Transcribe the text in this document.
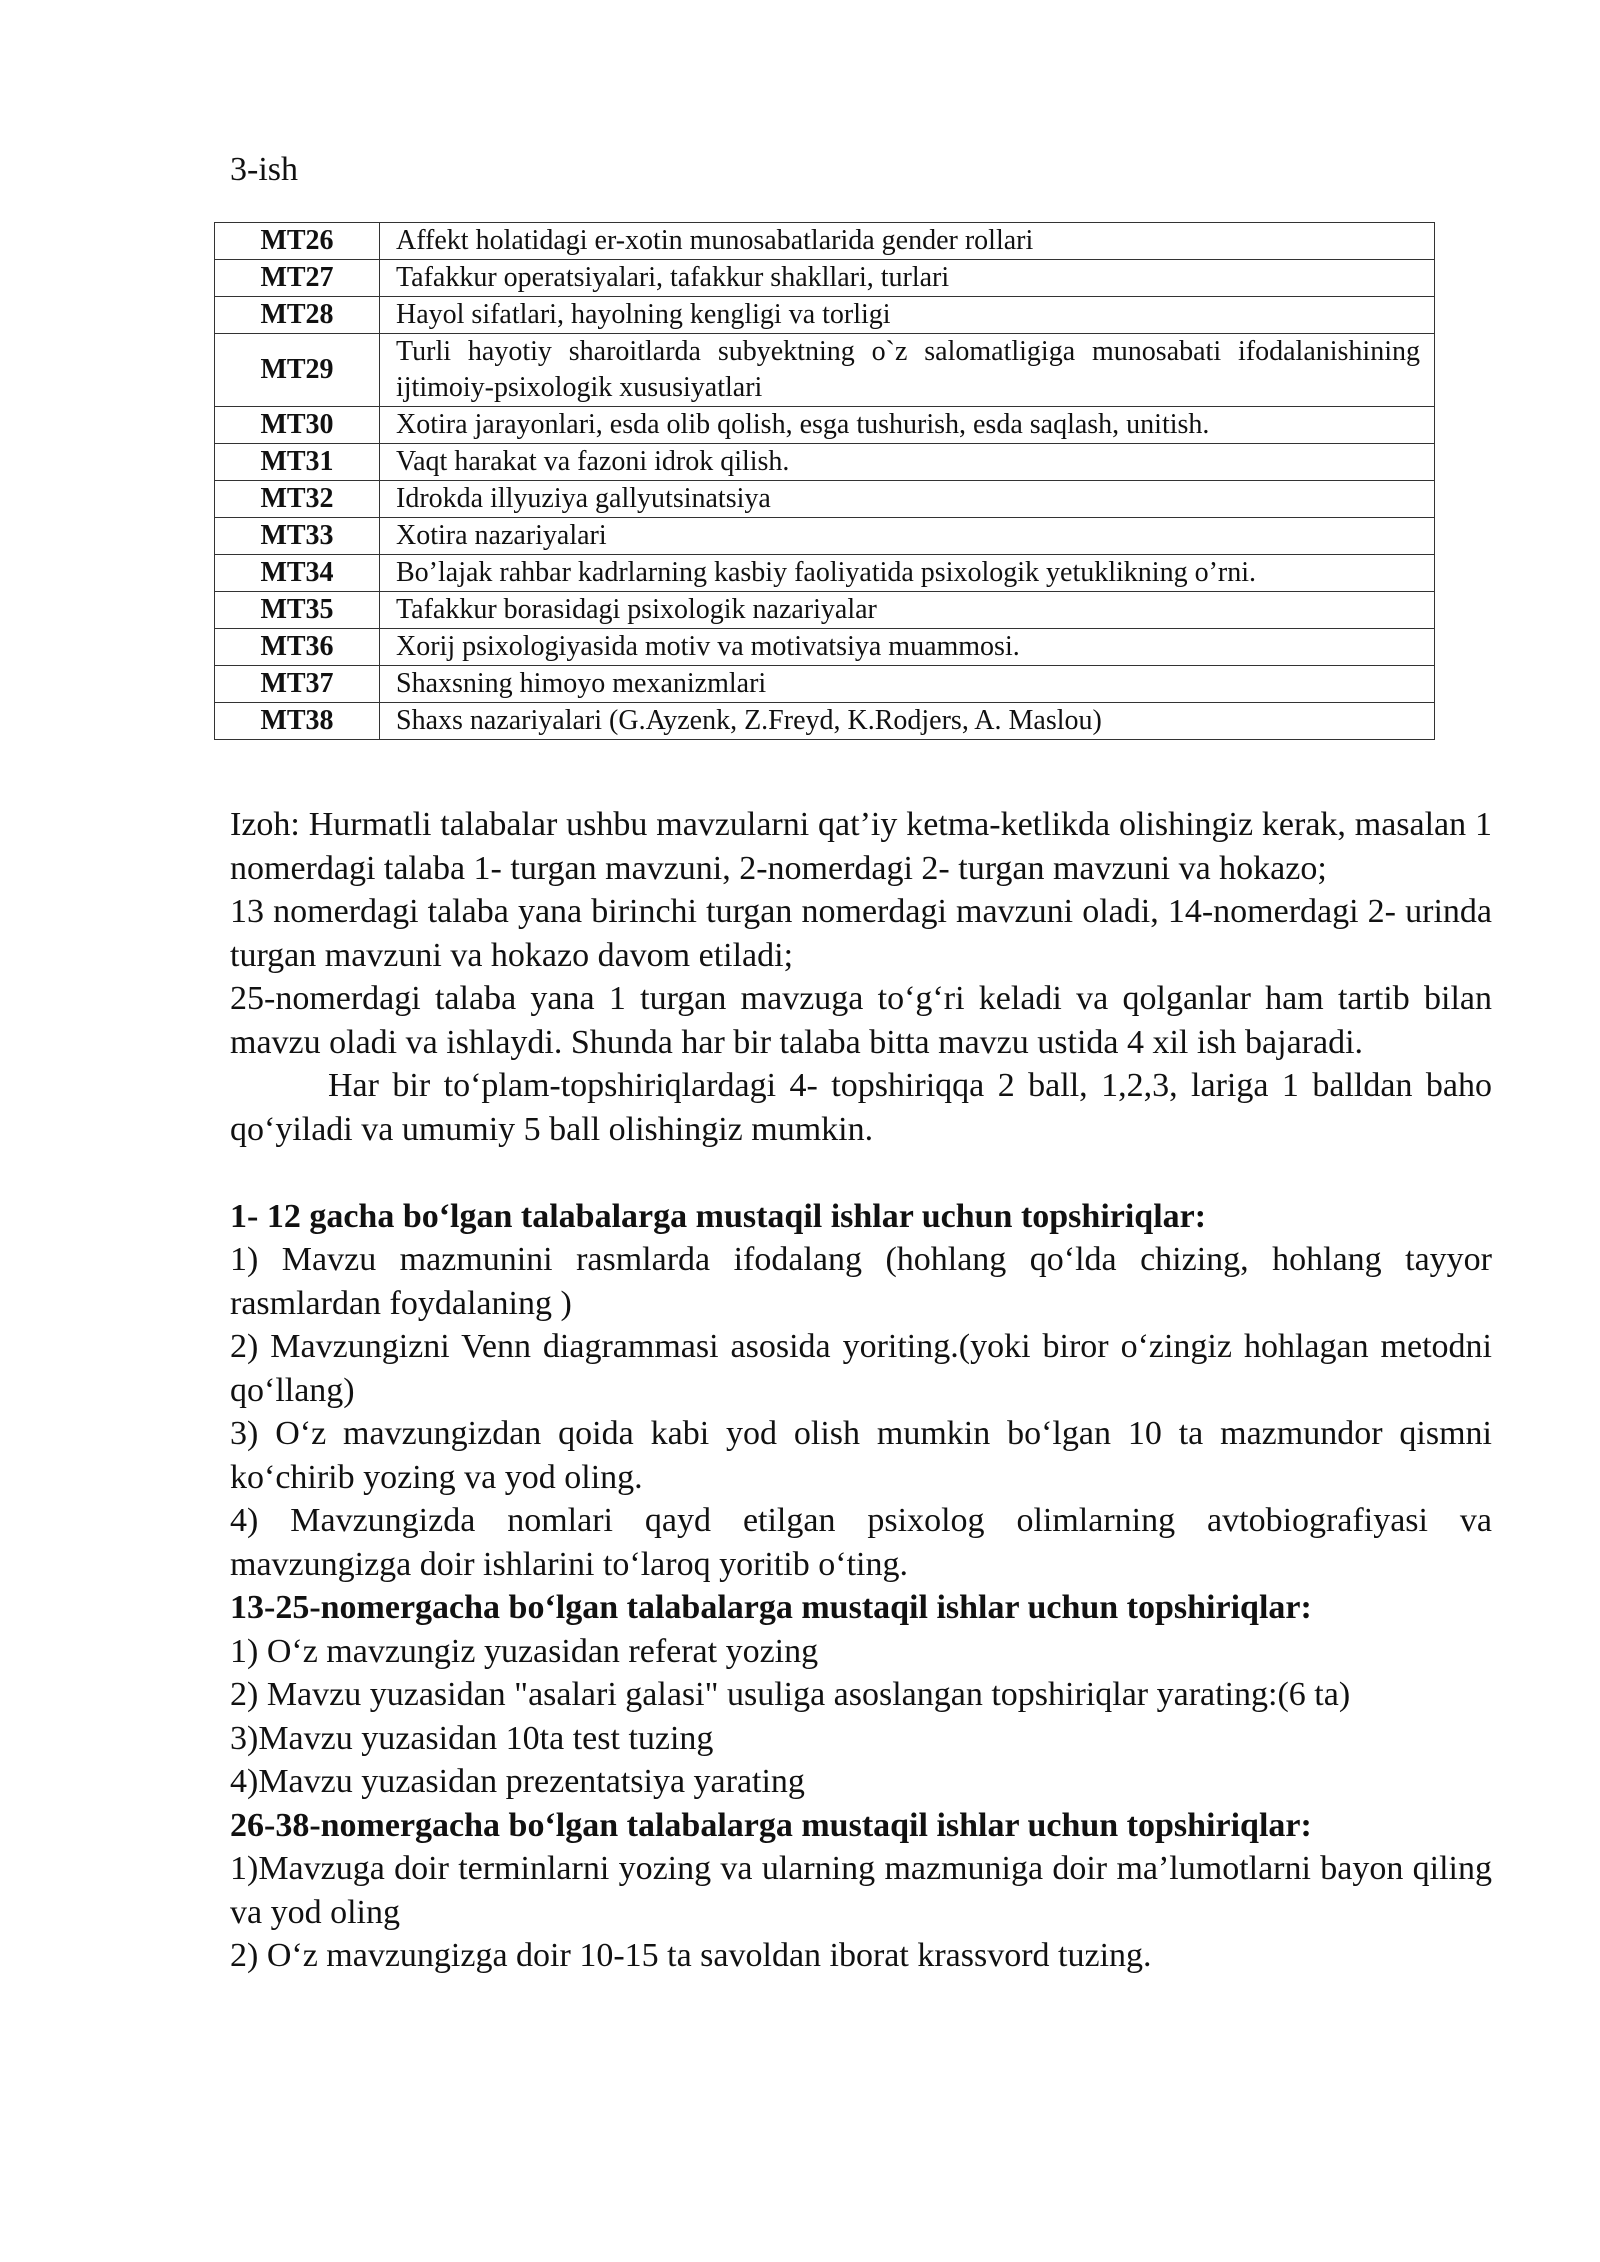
3-ish
MT26	Affekt holatidagi er-xotin munosabatlarida gender rollari
MT27	Tafakkur operatsiyalari, tafakkur shakllari, turlari
MT28	Hayol sifatlari, hayolning kengligi va torligi
MT29	Turli hayotiy sharoitlarda subyektning o`z salomatligiga munosabati ifodalanishining ijtimoiy-psixologik xususiyatlari
MT30	Xotira jarayonlari, esda olib qolish, esga tushurish, esda saqlash, unitish.
MT31	Vaqt harakat va fazoni idrok qilish.
MT32	Idrokda illyuziya gallyutsinatsiya
MT33	Xotira nazariyalari
MT34	Bo’lajak rahbar kadrlarning kasbiy faoliyatida psixologik yetuklikning o’rni.
MT35	Tafakkur borasidagi psixologik nazariyalar
MT36	Xorij psixologiyasida motiv va motivatsiya muammosi.
MT37	Shaxsning himoyo mexanizmlari
MT38	Shaxs nazariyalari (G.Ayzenk, Z.Freyd, K.Rodjers, A. Maslou)

Izoh: Hurmatli talabalar ushbu mavzularni qat’iy ketma-ketlikda olishingiz kerak, masalan 1 nomerdagi talaba 1- turgan mavzuni, 2-nomerdagi 2- turgan mavzuni va hokazo;

13 nomerdagi talaba yana birinchi turgan nomerdagi mavzuni oladi, 14-nomerdagi 2- urinda turgan mavzuni va hokazo davom etiladi;

25-nomerdagi talaba yana 1 turgan mavzuga to‘g‘ri keladi va qolganlar ham tartib bilan mavzu oladi va ishlaydi. Shunda har bir talaba bitta mavzu ustida 4 xil ish bajaradi.

Har bir to‘plam-topshiriqlardagi 4- topshiriqqa 2 ball, 1,2,3, lariga 1 balldan baho qo‘yiladi va umumiy 5 ball olishingiz mumkin.

1- 12 gacha bo‘lgan talabalarga mustaqil ishlar uchun topshiriqlar:

1) Mavzu mazmunini rasmlarda ifodalang (hohlang qo‘lda chizing, hohlang tayyor rasmlardan foydalaning )

2) Mavzungizni Venn diagrammasi asosida yoriting.(yoki biror o‘zingiz hohlagan metodni qo‘llang)

3) O‘z mavzungizdan qoida kabi yod olish mumkin bo‘lgan 10 ta mazmundor qismni ko‘chirib yozing va yod oling.

4) Mavzungizda nomlari qayd etilgan psixolog olimlarning avtobiografiyasi va mavzungizga doir ishlarini to‘laroq yoritib o‘ting.

13-25-nomergacha bo‘lgan talabalarga mustaqil ishlar uchun topshiriqlar:

1) O‘z mavzungiz yuzasidan referat yozing

2) Mavzu yuzasidan "asalari galasi" usuliga asoslangan topshiriqlar yarating:(6 ta)

3)Mavzu yuzasidan 10ta test tuzing

4)Mavzu yuzasidan prezentatsiya yarating

26-38-nomergacha bo‘lgan talabalarga mustaqil ishlar uchun topshiriqlar:

1)Mavzuga doir terminlarni yozing va ularning mazmuniga doir ma’lumotlarni bayon qiling va yod oling

2) O‘z mavzungizga doir 10-15 ta savoldan iborat krassvord tuzing.
